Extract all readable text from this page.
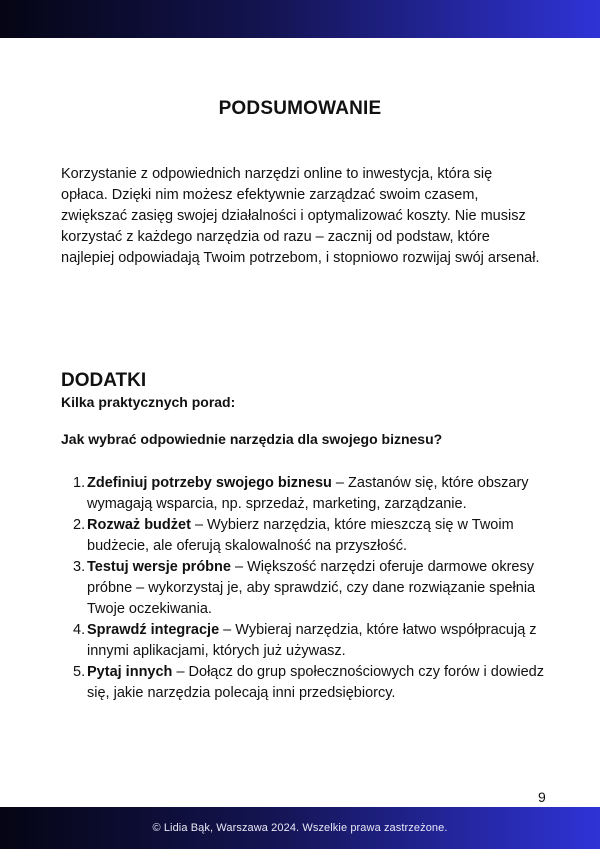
PODSUMOWANIE

Korzystanie z odpowiednich narzędzi online to inwestycja, która się opłaca. Dzięki nim możesz efektywnie zarządzać swoim czasem, zwiększać zasięg swojej działalności i optymalizować koszty. Nie musisz korzystać z każdego narzędzia od razu – zacznij od podstaw, które najlepiej odpowiadają Twoim potrzebom, i stopniowo rozwijaj swój arsenał.

DODATKI

Kilka praktycznych porad:

Jak wybrać odpowiednie narzędzia dla swojego biznesu?

1. Zdefiniuj potrzeby swojego biznesu – Zastanów się, które obszary wymagają wsparcia, np. sprzedaż, marketing, zarządzanie.
2. Rozważ budżet – Wybierz narzędzia, które mieszczą się w Twoim budżecie, ale oferują skalowalność na przyszłość.
3. Testuj wersje próbne – Większość narzędzi oferuje darmowe okresy próbne – wykorzystaj je, aby sprawdzić, czy dane rozwiązanie spełnia Twoje oczekiwania.
4. Sprawdź integracje – Wybieraj narzędzia, które łatwo współpracują z innymi aplikacjami, których już używasz.
5. Pytaj innych – Dołącz do grup społecznościowych czy forów i dowiedz się, jakie narzędzia polecają inni przedsiębiorcy.
9
© Lidia Bąk, Warszawa 2024. Wszelkie prawa zastrzeżone.
